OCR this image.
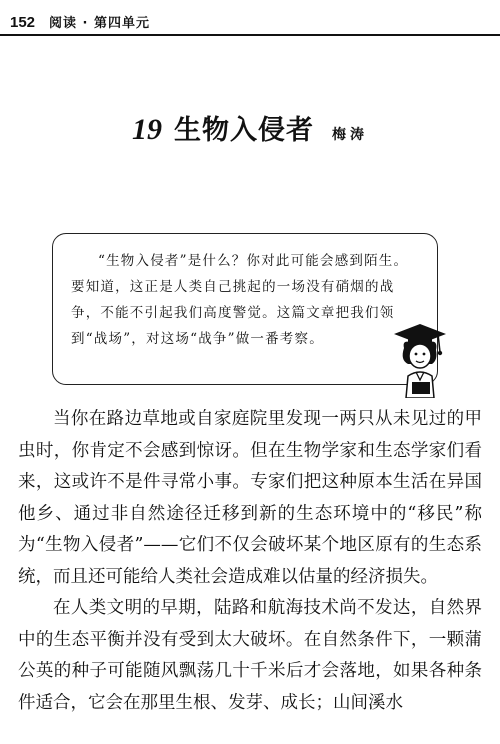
152 阅读 · 第四单元
19 生物入侵者 梅涛

“生物入侵者”是什么？你对此可能会感到陌生。要知道，这正是人类自己挑起的一场没有硝烟的战争，不能不引起我们高度警觉。这篇文章把我们领到“战场”，对这场“战争”做一番考察。

当你在路边草地或自家庭院里发现一两只从未见过的甲虫时，你肯定不会感到惊讶。但在生物学家和生态学家们看来，这或许不是件寻常小事。专家们把这种原本生活在异国他乡、通过非自然途径迁移到新的生态环境中的“移民”称为“生物入侵者”——它们不仅会破坏某个地区原有的生态系统，而且还可能给人类社会造成难以估量的经济损失。

在人类文明的早期，陆路和航海技术尚不发达，自然界中的生态平衡并没有受到太大破坏。在自然条件下，一颗蒲公英的种子可能随风飘荡几十千米后才会落地，如果各种条件适合，它会在那里生根、发芽、成长；山间溪水
